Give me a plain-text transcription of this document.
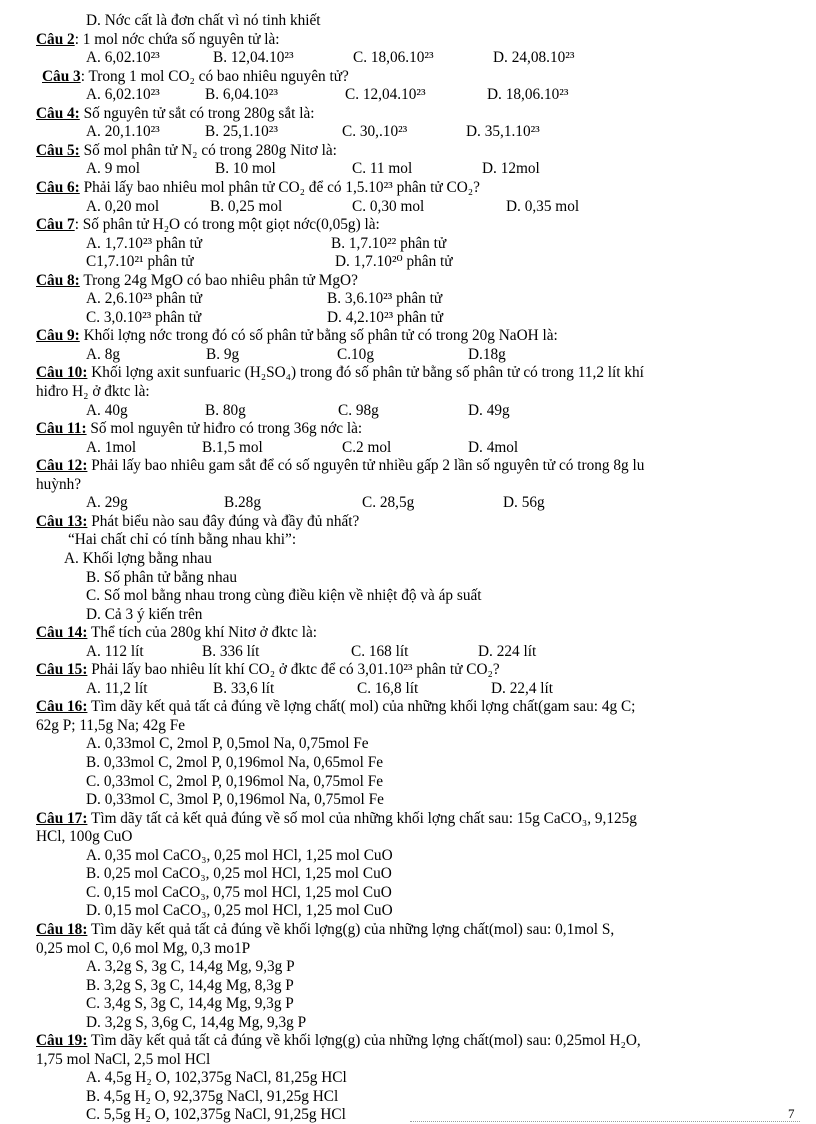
7
D. Nớc cất là đơn chất vì nó tinh khiết
Câu 2: 1 mol nớc chứa số nguyên tử là:
A. 6,02.10²³	B. 12,04.10²³	C. 18,06.10²³	D. 24,08.10²³
Câu 3: Trong 1 mol CO₂ có bao nhiêu nguyên tử?
A. 6,02.10²³	B. 6,04.10²³	C. 12,04.10²³	D. 18,06.10²³
Câu 4: Số nguyên tử sắt có trong 280g sắt là:
A. 20,1.10²³	B. 25,1.10²³	C. 30,.10²³	D. 35,1.10²³
Câu 5: Số mol phân tử N₂ có trong 280g Nitơ là:
A. 9 mol	B. 10 mol	C. 11 mol	D. 12mol
Câu 6: Phải lấy bao nhiêu mol phân tử CO₂ để có 1,5.10²³ phân tử CO₂?
A. 0,20 mol	B. 0,25 mol	C. 0,30 mol	D. 0,35 mol
Câu 7: Số phân tử H₂O có trong một giọt nớc(0,05g) là:
A. 1,7.10²³ phân tử	B. 1,7.10²² phân tử
C1,7.10²¹ phân tử	D. 1,7.10²⁰ phân tử
Câu 8: Trong 24g MgO có bao nhiêu phân tử MgO?
A. 2,6.10²³ phân tử	B. 3,6.10²³ phân tử
C. 3,0.10²³ phân tử	D. 4,2.10²³ phân tử
Câu 9: Khối lợng nớc trong đó có số phân tử bằng số phân tử có trong 20g NaOH là:
A. 8g	B. 9g	C.10g	D.18g
Câu 10: Khối lợng axit sunfuaric (H₂SO₄) trong đó số phân tử bằng số phân tử có trong 11,2 lít khí
hiđro H₂ ở đktc là:
A. 40g	B. 80g	C. 98g	D. 49g
Câu 11: Số mol nguyên tử hiđro có trong 36g nớc là:
A. 1mol	B.1,5 mol	C.2 mol	D. 4mol
Câu 12: Phải lấy bao nhiêu gam sắt để có số nguyên tử nhiều gấp 2 lần số nguyên tử có trong 8g lu
huỳnh?
A. 29g	B.28g	C. 28,5g	D. 56g
Câu 13: Phát biểu nào sau đây đúng và đầy đủ nhất?
“Hai chất chỉ có tính bằng nhau khi”:
A. Khối lợng bằng nhau
B. Số phân tử bằng nhau
C. Số mol bằng nhau trong cùng điều kiện về nhiệt độ và áp suất
D. Cả 3 ý kiến trên
Câu 14: Thể tích của 280g khí Nitơ ở đktc là:
A. 112 lít	B. 336 lít	C. 168 lít	D. 224 lít
Câu 15: Phải lấy bao nhiêu lít khí CO₂ ở đktc để có 3,01.10²³ phân tử CO₂?
A. 11,2 lít	B. 33,6 lít	C. 16,8 lít	D. 22,4 lít
Câu 16: Tìm dãy kết quả tất cả đúng về lợng chất( mol) của những khối lợng chất(gam sau: 4g C;
62g P; 11,5g Na; 42g Fe
A. 0,33mol C, 2mol P, 0,5mol Na, 0,75mol Fe
B. 0,33mol C, 2mol P, 0,196mol Na, 0,65mol Fe
C. 0,33mol C, 2mol P, 0,196mol Na, 0,75mol Fe
D. 0,33mol C, 3mol P, 0,196mol Na, 0,75mol Fe
Câu 17: Tìm dãy tất cả kết quả đúng về số mol của những khối lợng chất sau: 15g CaCO₃, 9,125g
HCl, 100g CuO
A. 0,35 mol CaCO₃, 0,25 mol HCl, 1,25 mol CuO
B. 0,25 mol CaCO₃, 0,25 mol HCl, 1,25 mol CuO
C. 0,15 mol CaCO₃, 0,75 mol HCl, 1,25 mol CuO
D. 0,15 mol CaCO₃, 0,25 mol HCl, 1,25 mol CuO
Câu 18: Tìm dãy kết quả tất cả đúng về khối lợng(g) của những lợng chất(mol) sau: 0,1mol S,
0,25 mol C, 0,6 mol Mg, 0,3 mo1P
A. 3,2g S, 3g C, 14,4g Mg, 9,3g P
B. 3,2g S, 3g C, 14,4g Mg, 8,3g P
C. 3,4g S, 3g C, 14,4g Mg, 9,3g P
D. 3,2g S, 3,6g C, 14,4g Mg, 9,3g P
Câu 19: Tìm dãy kết quả tất cả đúng về khối lợng(g) của những lợng chất(mol) sau: 0,25mol H₂O,
1,75 mol NaCl, 2,5 mol HCl
A. 4,5g H₂ O, 102,375g NaCl, 81,25g HCl
B. 4,5g H₂ O, 92,375g NaCl, 91,25g HCl
C. 5,5g H₂ O, 102,375g NaCl, 91,25g HCl
